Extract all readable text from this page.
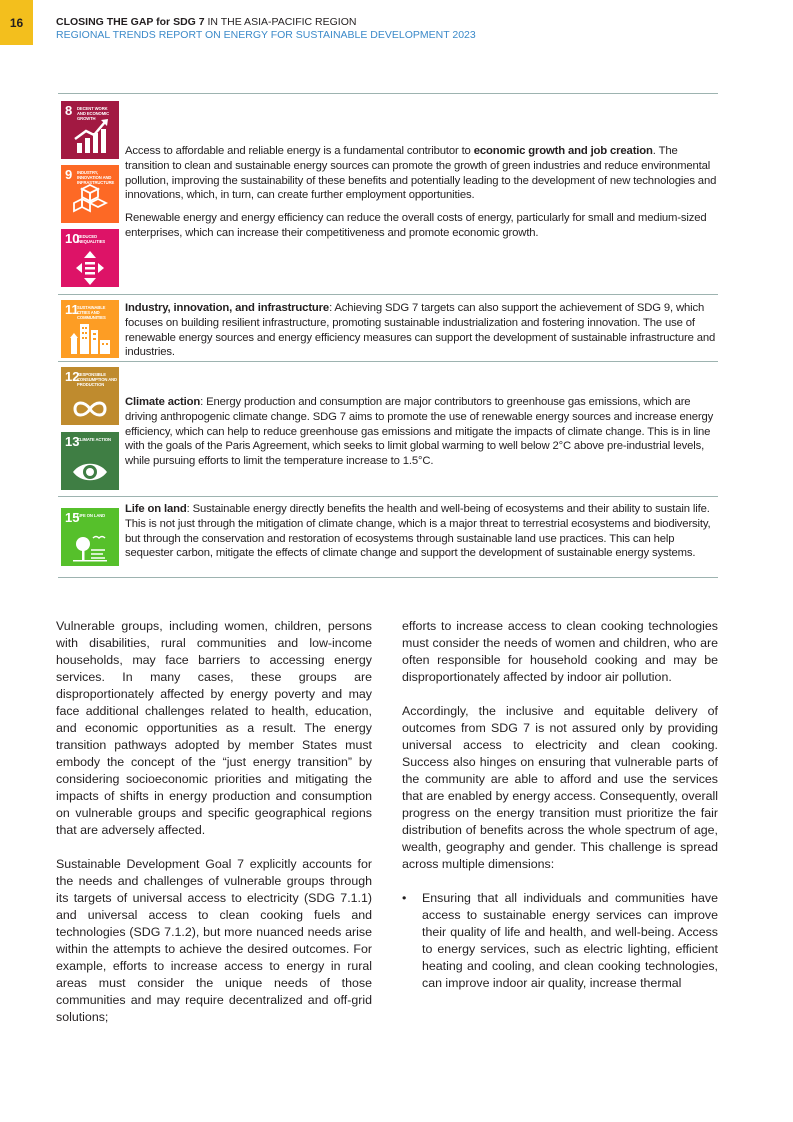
16	CLOSING THE GAP for SDG 7 IN THE ASIA-PACIFIC REGION
REGIONAL TRENDS REPORT ON ENERGY FOR SUSTAINABLE DEVELOPMENT 2023
8 DECENT WORK AND ECONOMIC GROWTH
9 INDUSTRY, INNOVATION AND INFRASTRUCTURE
10
REDUCED INEQUALITIES

Access to affordable and reliable energy is a fundamental contributor to economic growth and job creation. The transition to clean and sustainable energy sources can promote the growth of green industries and reduce environmental pollution, improving the sustainability of these benefits and potentially leading to the development of new technologies and innovations, which, in turn, can create further employment opportunities.

Renewable energy and energy efficiency can reduce the overall costs of energy, particularly for small and medium-sized enterprises, which can increase their competitiveness and promote economic growth.

11
SUSTAINABLE CITIES AND COMMUNITIES

Industry, innovation, and infrastructure: Achieving SDG 7 targets can also support the achievement of SDG 9, which focuses on building resilient infrastructure, promoting sustainable industrialization and fostering innovation. The use of renewable energy sources and energy efficiency measures can support the development of sustainable infrastructure and industries.

12
RESPONSIBLE CONSUMPTION AND PRODUCTION
13
CLIMATE ACTION

Climate action: Energy production and consumption are major contributors to greenhouse gas emissions, which are driving anthropogenic climate change. SDG 7 aims to promote the use of renewable energy sources and increase energy efficiency, which can help to reduce greenhouse gas emissions and mitigate the impacts of climate change. This is in line with the goals of the Paris Agreement, which seeks to limit global warming to well below 2°C above pre-industrial levels, while pursuing efforts to limit the temperature increase to 1.5°C.

15
LIFE ON LAND

Life on land: Sustainable energy directly benefits the health and well-being of ecosystems and their ability to sustain life. This is not just through the mitigation of climate change, which is a major threat to terrestrial ecosystems and biodiversity, but through the conservation and restoration of ecosystems through sustainable land use practices. This can help sequester carbon, mitigate the effects of climate change and support the development of sustainable energy systems.

Vulnerable groups, including women, children, persons with disabilities, rural communities and low-income households, may face barriers to accessing energy services. In many cases, these groups are disproportionately affected by energy poverty and may face additional challenges related to health, education, and economic opportunities as a result. The energy transition pathways adopted by member States must embody the concept of the “just energy transition” by considering socioeconomic priorities and mitigating the impacts of shifts in energy production and consumption on vulnerable groups and specific geographical regions that are adversely affected.

Sustainable Development Goal 7 explicitly accounts for the needs and challenges of vulnerable groups through its targets of universal access to electricity (SDG 7.1.1) and universal access to clean cooking fuels and technologies (SDG 7.1.2), but more nuanced needs arise within the attempts to achieve the desired outcomes. For example, efforts to increase access to energy in rural areas must consider the unique needs of those communities and may require decentralized and off-grid solutions;

efforts to increase access to clean cooking technologies must consider the needs of women and children, who are often responsible for household cooking and may be disproportionately affected by indoor air pollution.

Accordingly, the inclusive and equitable delivery of outcomes from SDG 7 is not assured only by providing universal access to electricity and clean cooking. Success also hinges on ensuring that vulnerable parts of the community are able to afford and use the services that are enabled by energy access. Consequently, overall progress on the energy transition must prioritize the fair distribution of benefits across the whole spectrum of age, wealth, geography and gender. This challenge is spread across multiple dimensions:

• Ensuring that all individuals and communities have access to sustainable energy services can improve their quality of life and health, and well-being. Access to energy services, such as electric lighting, efficient heating and cooling, and clean cooking technologies, can improve indoor air quality, increase thermal
